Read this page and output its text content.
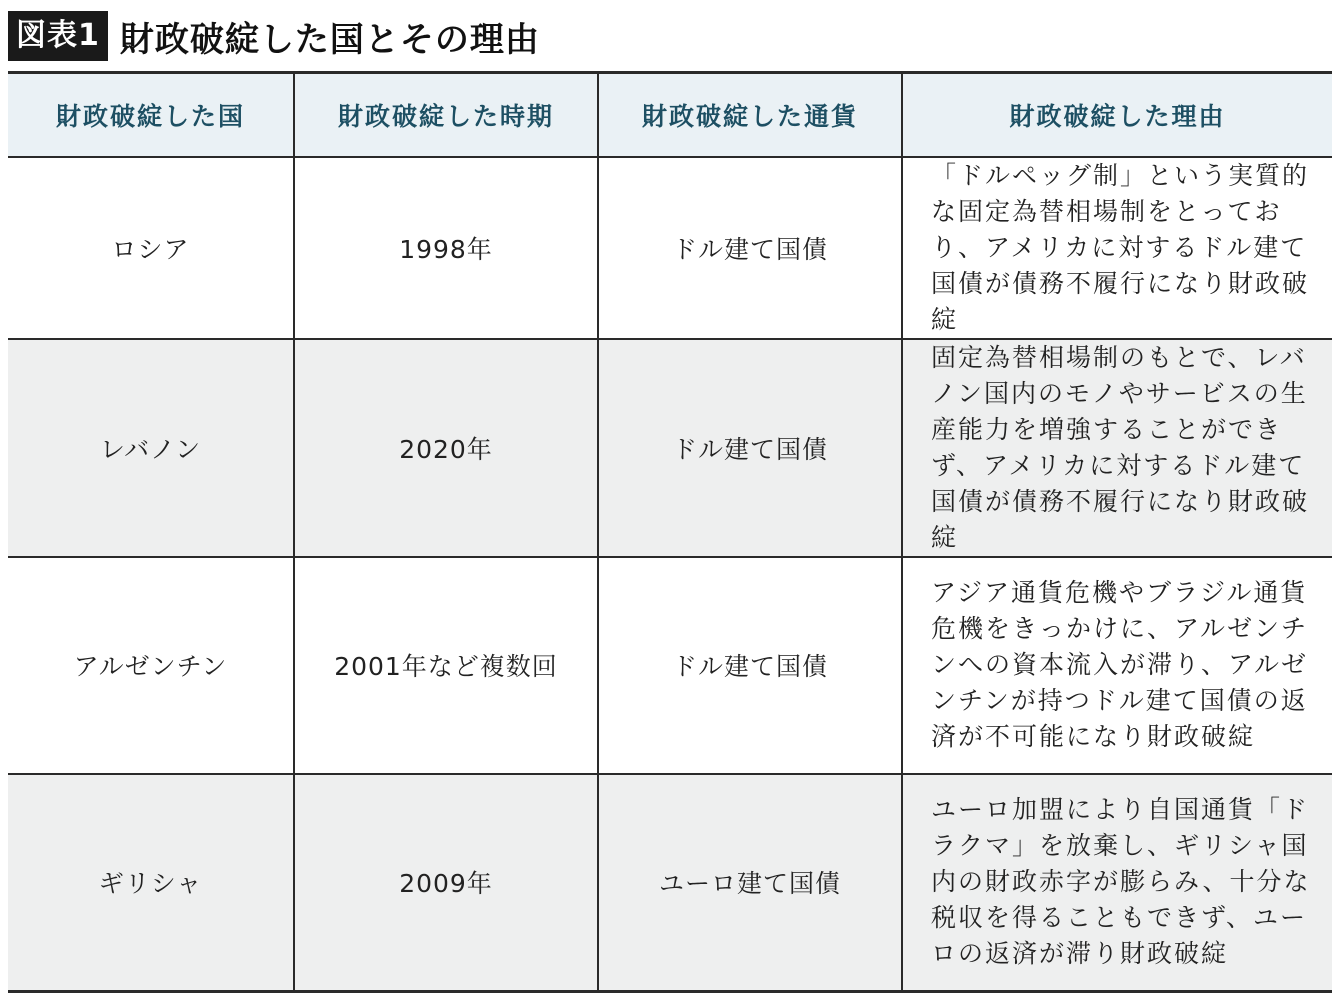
図表1 財政破綻した国とその理由
財政破綻した国	財政破綻した時期	財政破綻した通貨	財政破綻した理由
ロシア	1998年	ドル建て国債	「ドルペッグ制」という実質的な固定為替相場制をとっており、アメリカに対するドル建て国債が債務不履行になり財政破綻
レバノン	2020年	ドル建て国債	固定為替相場制のもとで、レバノン国内のモノやサービスの生産能力を増強することができず、アメリカに対するドル建て国債が債務不履行になり財政破綻
アルゼンチン	2001年など複数回	ドル建て国債	アジア通貨危機やブラジル通貨危機をきっかけに、アルゼンチンへの資本流入が滞り、アルゼンチンが持つドル建て国債の返済が不可能になり財政破綻
ギリシャ	2009年	ユーロ建て国債	ユーロ加盟により自国通貨「ドラクマ」を放棄し、ギリシャ国内の財政赤字が膨らみ、十分な税収を得ることもできず、ユーロの返済が滞り財政破綻
